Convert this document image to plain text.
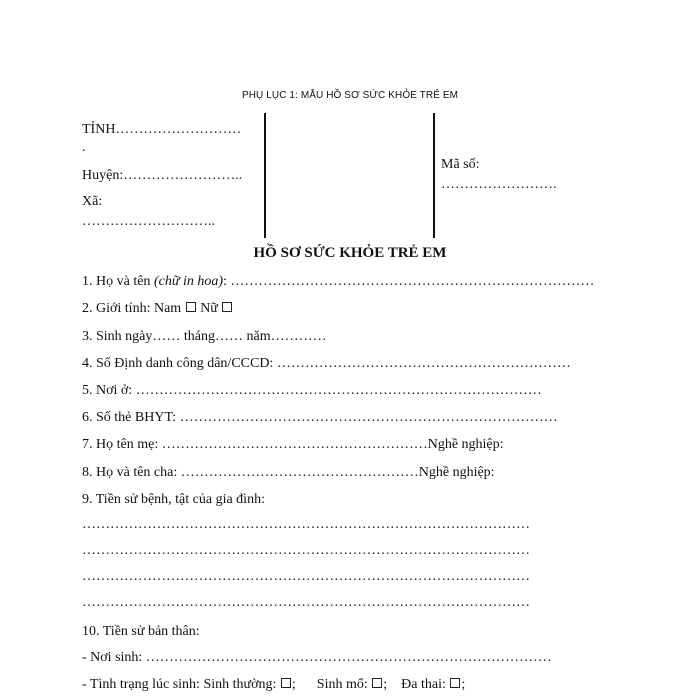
PHỤ LỤC 1: MẪU HỒ SƠ SỨC KHỎE TRẺ EM
TỈNH………………………
.
Huyện:……………………..
Xã:
………………………..
Mã số:
…………………….
HỒ SƠ SỨC KHỎE TRẺ EM
1. Họ và tên (chữ in hoa): ……………………………………………………………………
2. Giới tính: Nam Nữ
3. Sinh ngày…… tháng…… năm…………
4. Số Định danh công dân/CCCD: ………………………………………………………
5. Nơi ở: ……………………………………………………………………………
6. Số thẻ BHYT: ………………………………………………………………………
7. Họ tên mẹ: …………………………………………………Nghề nghiệp:
8. Họ và tên cha: ……………………………………………Nghề nghiệp:
9. Tiền sử bệnh, tật của gia đình:
……………………………………………………………………………………
……………………………………………………………………………………
……………………………………………………………………………………
……………………………………………………………………………………
10. Tiền sử bản thân:
- Nơi sinh: ……………………………………………………………………………
- Tình trạng lúc sinh: Sinh thường: ; Sinh mổ: ; Đa thai: ;
